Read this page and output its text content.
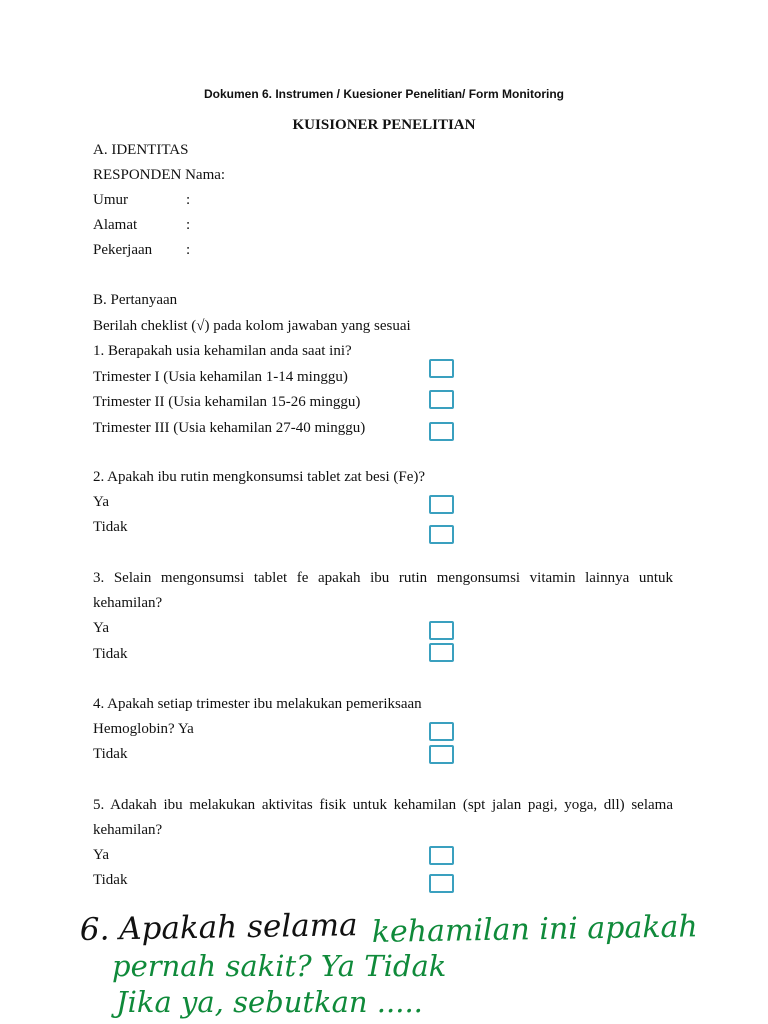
Dokumen 6. Instrumen / Kuesioner Penelitian/ Form Monitoring
KUISIONER PENELITIAN
A. IDENTITAS
RESPONDEN Nama:
Umur	:
Alamat	:
Pekerjaan :
B. Pertanyaan
Berilah cheklist (√) pada kolom jawaban yang sesuai
1. Berapakah usia kehamilan anda saat ini?
Trimester I (Usia kehamilan 1-14 minggu)
Trimester II (Usia kehamilan 15-26 minggu)
Trimester III (Usia kehamilan 27-40 minggu)
2. Apakah ibu rutin mengkonsumsi tablet zat besi (Fe)?
Ya
Tidak
3. Selain mengonsumsi tablet fe apakah ibu rutin mengonsumsi vitamin lainnya untuk
kehamilan?
Ya
Tidak
4. Apakah setiap trimester ibu melakukan pemeriksaan
Hemoglobin? Ya
Tidak
5. Adakah ibu melakukan aktivitas fisik untuk kehamilan (spt jalan pagi, yoga, dll) selama
kehamilan?
Ya
Tidak
6. Apakah selama kehamilan ini apakah
pernah sakit? Ya Tidak
Jika ya, sebutkan .....
